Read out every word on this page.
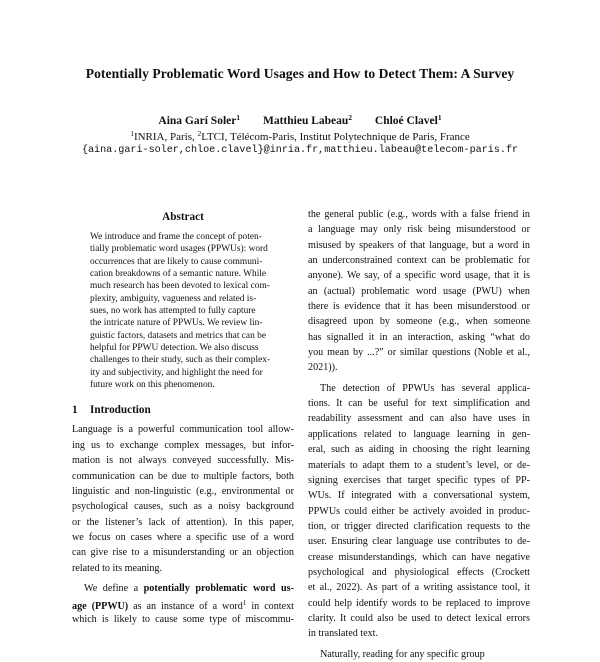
Potentially Problematic Word Usages and How to Detect Them: A Survey
Aina Garí Soler$^1$ Matthieu Labeau$^2$ Chloé Clavel$^1$
$^1$INRIA, Paris, $^2$LTCI, Télécom-Paris, Institut Polytechnique de Paris, France
{aina.gari-soler,chloe.clavel}@inria.fr,matthieu.labeau@telecom-paris.fr
Abstract
We introduce and frame the concept of poten-
tially problematic word usages (PPWUs): word
occurrences that are likely to cause communi-
cation breakdowns of a semantic nature. While
much research has been devoted to lexical com-
plexity, ambiguity, vagueness and related is-
sues, no work has attempted to fully capture
the intricate nature of PPWUs. We review lin-
guistic factors, datasets and metrics that can be
helpful for PPWU detection. We also discuss
challenges to their study, such as their complex-
ity and subjectivity, and highlight the need for
future work on this phenomenon.
1 Introduction
Language is a powerful communication tool allow-
ing us to exchange complex messages, but infor-
mation is not always conveyed successfully. Mis-
communication can be due to multiple factors, both
linguistic and non-linguistic (e.g., environmental or
psychological causes, such as a noisy background
or the listener’s lack of attention). In this paper,
we focus on cases where a specific use of a word
can give rise to a misunderstanding or an objection
related to its meaning.
We define a potentially problematic word us-
age (PPWU) as an instance of a word$^1$ in context
which is likely to cause some type of miscommu-
the general public (e.g., words with a false friend in
a language may only risk being misunderstood or
misused by speakers of that language, but a word in
an underconstrained context can be problematic for
anyone). We say, of a specific word usage, that it is
an (actual) problematic word usage (PWU) when
there is evidence that it has been misunderstood or
disagreed upon by someone (e.g., when someone
has signalled it in an interaction, asking “what do
you mean by ...?” or similar questions (Noble et al.,
2021)).
The detection of PPWUs has several applica-
tions. It can be useful for text simplification and
readability assessment and can also have uses in
applications related to language learning in gen-
eral, such as aiding in choosing the right learning
materials to adapt them to a student’s level, or de-
signing exercises that target specific types of PP-
WUs. If integrated with a conversational system,
PPWUs could either be actively avoided in produc-
tion, or trigger directed clarification requests to the
user. Ensuring clear language use contributes to de-
crease misunderstandings, which can have negative
psychological and physiological effects (Crockett
et al., 2022). As part of a writing assistance tool, it
could help identify words to be replaced to improve
clarity. It could also be used to detect lexical errors
in translated text.
Naturally, reading for any specific group
